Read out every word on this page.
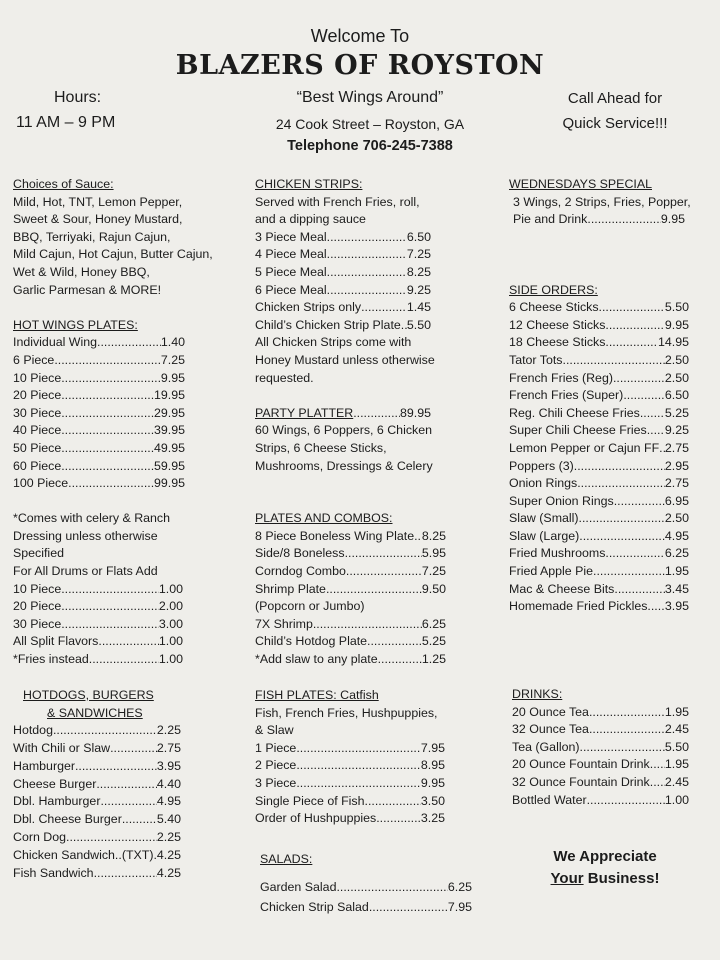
Welcome To
BLAZERS OF ROYSTON
Hours:
11 AM – 9 PM
“Best Wings Around”
24 Cook Street – Royston, GA
Telephone 706-245-7388
Call Ahead for
Quick Service!!!
Choices of Sauce:
Mild, Hot, TNT, Lemon Pepper,
Sweet & Sour, Honey Mustard,
BBQ, Terriyaki, Rajun Cajun,
Mild Cajun, Hot Cajun, Butter Cajun,
Wet & Wild, Honey BBQ,
Garlic Parmesan & MORE!
HOT WINGS PLATES:
Individual Wing .....	1.40
6 Piece .....	7.25
10 Piece .....	9.95
20 Piece .....	19.95
30 Piece .....	29.95
40 Piece .....	39.95
50 Piece .....	49.95
60 Piece .....	59.95
100 Piece .....	99.95
*Comes with celery & Ranch
Dressing unless otherwise
Specified
For All Drums or Flats Add
10 Piece .....	1.00
20 Piece .....	2.00
30 Piece .....	3.00
All Split Flavors .....	1.00
*Fries instead .....	1.00
HOTDOGS, BURGERS
& SANDWICHES
Hotdog .....	2.25
With Chili or Slaw .....	2.75
Hamburger .....	3.95
Cheese Burger .....	4.40
Dbl. Hamburger .....	4.95
Dbl. Cheese Burger .....	5.40
Corn Dog .....	2.25
Chicken Sandwich..(TXT) ..... 4.25
Fish Sandwich .....	4.25
CHICKEN STRIPS:
Served with French Fries, roll,
and a dipping sauce
3 Piece Meal .....	6.50
4 Piece Meal .....	7.25
5 Piece Meal .....	8.25
6 Piece Meal .....	9.25
Chicken Strips only .....	1.45
Child’s Chicken Strip Plate ..... 5.50
All Chicken Strips come with
Honey Mustard unless otherwise
requested.
PARTY PLATTER .....	89.95
60 Wings, 6 Poppers, 6 Chicken
Strips, 6 Cheese Sticks,
Mushrooms, Dressings & Celery
PLATES AND COMBOS:
8 Piece Boneless Wing Plate ..... 8.25
Side/8 Boneless .....	5.95
Corndog Combo .....	7.25
Shrimp Plate .....	9.50
(Popcorn or Jumbo)
7X Shrimp .....	6.25
Child’s Hotdog Plate .....	5.25
*Add slaw to any plate .....	1.25
FISH PLATES: Catfish
Fish, French Fries, Hushpuppies,
& Slaw
1 Piece .....	7.95
2 Piece .....	8.95
3 Piece .....	9.95
Single Piece of Fish .....	3.50
Order of Hushpuppies .....	3.25
SALADS:
Garden Salad .....	6.25
Chicken Strip Salad .....	7.95
WEDNESDAYS SPECIAL
3 Wings, 2 Strips, Fries, Popper,
Pie and Drink .....	9.95
SIDE ORDERS:
6 Cheese Sticks .....	5.50
12 Cheese Sticks .....	9.95
18 Cheese Sticks .....	14.95
Tator Tots .....	2.50
French Fries (Reg) .....	2.50
French Fries (Super) .....	6.50
Reg. Chili Cheese Fries ..... 5.25
Super Chili Cheese Fries ..... 9.25
Lemon Pepper or Cajun FF ..... 2.75
Poppers (3) .....	2.95
Onion Rings .....	2.75
Super Onion Rings .....	6.95
Slaw (Small) .....	2.50
Slaw (Large) .....	4.95
Fried Mushrooms .....	6.25
Fried Apple Pie .....	1.95
Mac & Cheese Bits .....	3.45
Homemade Fried Pickles ..... 3.95
DRINKS:
20 Ounce Tea .....	1.95
32 Ounce Tea .....	2.45
Tea (Gallon) .....	5.50
20 Ounce Fountain Drink ..... 1.95
32 Ounce Fountain Drink ..... 2.45
Bottled Water .....	1.00
We Appreciate
Your Business!
